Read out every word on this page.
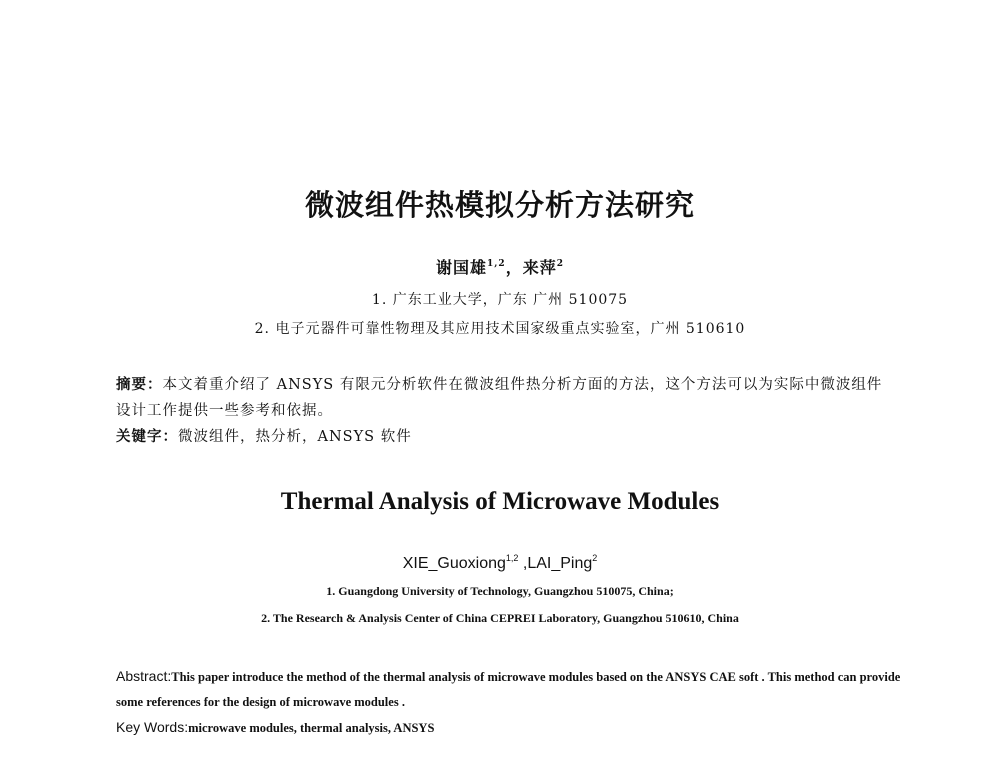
微波组件热模拟分析方法研究
谢国雄$^{1,2}$，来萍$^2$
1. 广东工业大学，广东 广州 510075
2. 电子元器件可靠性物理及其应用技术国家级重点实验室，广州 510610

摘要：本文着重介绍了 ANSYS 有限元分析软件在微波组件热分析方面的方法，这个方法可以为实际中微波组件设计工作提供一些参考和依据。

关键字：微波组件，热分析，ANSYS 软件

Thermal Analysis of Microwave Modules
XIE_Guoxiong$^{1,2}$ ,LAI_Ping$^2$
1. Guangdong University of Technology, Guangzhou 510075, China;
2. The Research & Analysis Center of China CEPREI Laboratory, Guangzhou 510610, China

Abstract:This paper introduce the method of the thermal analysis of microwave modules based on the ANSYS CAE soft . This method can provide some references for the design of microwave modules .

Key Words:microwave modules, thermal analysis, ANSYS
